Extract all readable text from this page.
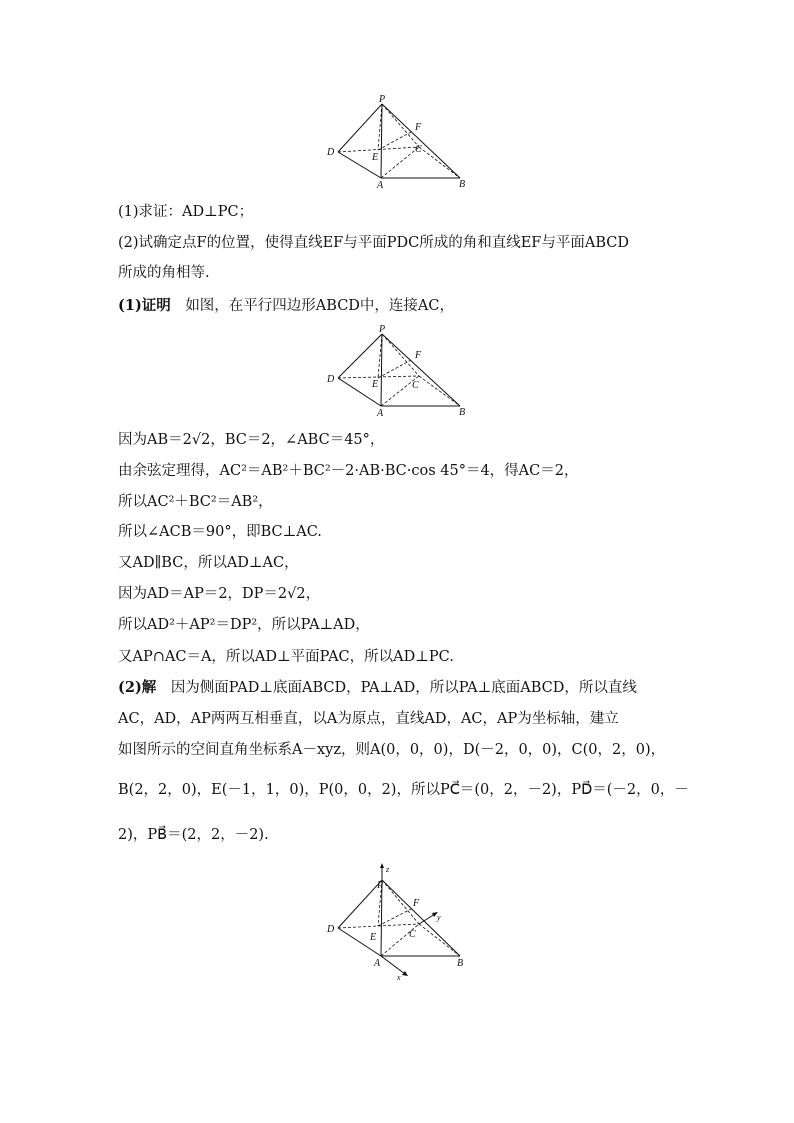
P
D
A	B
C
E
F
(1)求证：AD⊥PC；
(2)试确定点F的位置，使得直线EF与平面PDC所成的角和直线EF与平面ABCD
所成的角相等.
(1)证明  如图，在平行四边形ABCD中，连接AC，
P
D
A	B
C
E
F
因为AB＝2√2，BC＝2，∠ABC＝45°，
由余弦定理得，AC²＝AB²＋BC²－2·AB·BC·cos 45°＝4，得AC＝2，
所以AC²＋BC²＝AB²，
所以∠ACB＝90°，即BC⊥AC.
又AD∥BC，所以AD⊥AC，
因为AD＝AP＝2，DP＝2√2，
所以AD²＋AP²＝DP²，所以PA⊥AD，
又AP∩AC＝A，所以AD⊥平面PAC，所以AD⊥PC.
(2)解  因为侧面PAD⊥底面ABCD，PA⊥AD，所以PA⊥底面ABCD，所以直线
AC，AD，AP两两互相垂直，以A为原点，直线AD，AC，AP为坐标轴，建立
如图所示的空间直角坐标系A－xyz，则A(0，0，0)，D(－2，0，0)，C(0，2，0)，
B(2，2，0)，E(－1，1，0)，P(0，0，2)，所以PC⃗＝(0，2，－2)，PD⃗＝(－2，0，－
2)，PB⃗＝(2，2，－2).
P
D
A	B
C
E
F
z
y
x
